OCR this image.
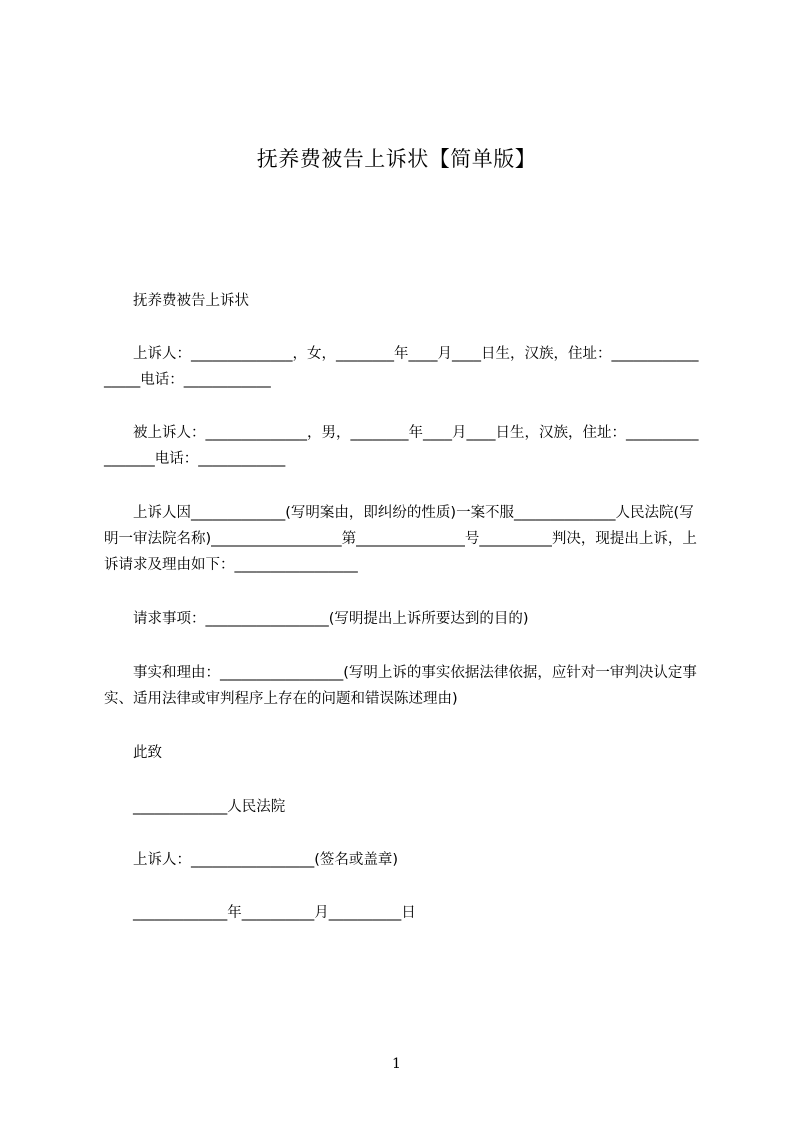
抚养费被告上诉状【简单版】
抚养费被告上诉状
上诉人：______________，女，________年____月____日生，汉族，住址：_________________电话：____________
被上诉人：______________，男，________年____月____日生，汉族，住址：_________________电话：____________
上诉人因_____________(写明案由，即纠纷的性质)一案不服______________人民法院(写明一审法院名称)__________________第_______________号__________判决，现提出上诉，上诉请求及理由如下：_________________
请求事项：_________________(写明提出上诉所要达到的目的)
事实和理由：_________________(写明上诉的事实依据法律依据，应针对一审判决认定事实、适用法律或审判程序上存在的问题和错误陈述理由)
此致
_____________人民法院
上诉人：_________________(签名或盖章)
_____________年__________月__________日
1
